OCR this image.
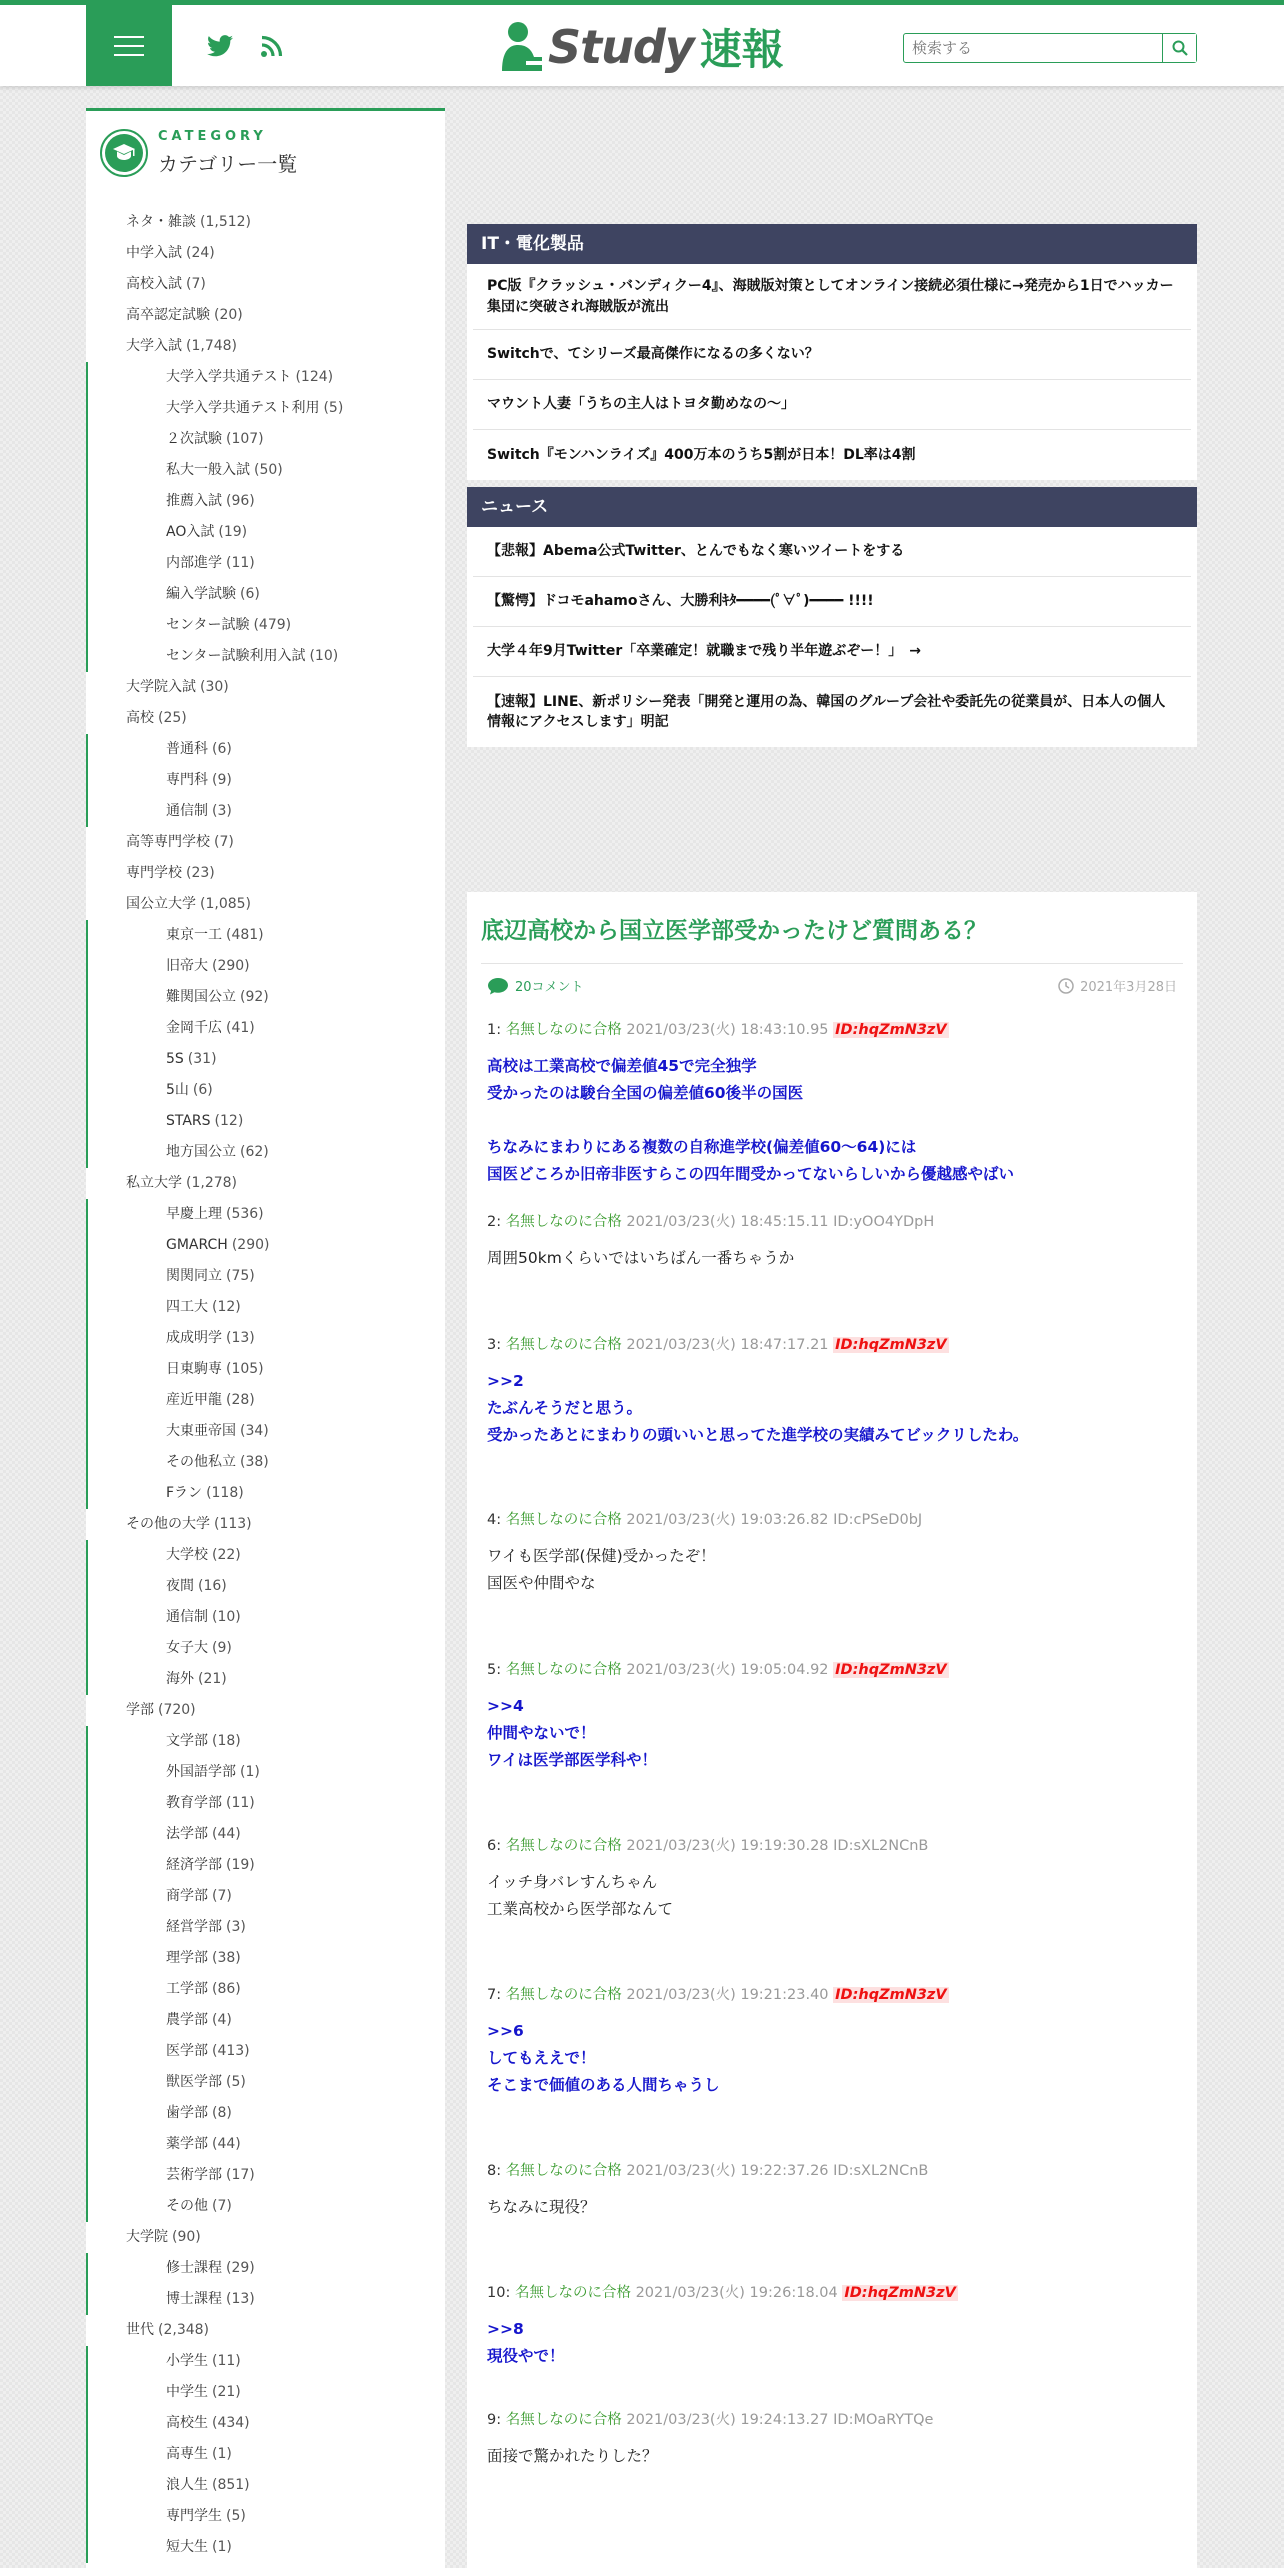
Study 速報
検索する
CATEGORY
カテゴリー一覧
ネタ・雑談 (1,512)
中学入試 (24)
高校入試 (7)
高卒認定試験 (20)
大学入試 (1,748)
大学入学共通テスト (124)
大学入学共通テスト利用 (5)
２次試験 (107)
私大一般入試 (50)
推薦入試 (96)
AO入試 (19)
内部進学 (11)
編入学試験 (6)
センター試験 (479)
センター試験利用入試 (10)
大学院入試 (30)
高校 (25)
普通科 (6)
専門科 (9)
通信制 (3)
高等専門学校 (7)
専門学校 (23)
国公立大学 (1,085)
東京一工 (481)
旧帝大 (290)
難関国公立 (92)
金岡千広 (41)
5S (31)
5山 (6)
STARS (12)
地方国公立 (62)
私立大学 (1,278)
早慶上理 (536)
GMARCH (290)
関関同立 (75)
四工大 (12)
成成明学 (13)
日東駒専 (105)
産近甲龍 (28)
大東亜帝国 (34)
その他私立 (38)
Fラン (118)
その他の大学 (113)
大学校 (22)
夜間 (16)
通信制 (10)
女子大 (9)
海外 (21)
学部 (720)
文学部 (18)
外国語学部 (1)
教育学部 (11)
法学部 (44)
経済学部 (19)
商学部 (7)
経営学部 (3)
理学部 (38)
工学部 (86)
農学部 (4)
医学部 (413)
獣医学部 (5)
歯学部 (8)
薬学部 (44)
芸術学部 (17)
その他 (7)
大学院 (90)
修士課程 (29)
博士課程 (13)
世代 (2,348)
小学生 (11)
中学生 (21)
高校生 (434)
高専生 (1)
浪人生 (851)
専門学生 (5)
短大生 (1)
IT・電化製品
PC版『クラッシュ・バンディクー4』、海賊版対策としてオンライン接続必須仕様に→発売から1日でハッカー集団に突破され海賊版が流出
Switchで、てシリーズ最高傑作になるの多くない？
マウント人妻「うちの主人はトヨタ勤めなの～」
Switch『モンハンライズ』400万本のうち5割が日本！DL率は4割
ニュース
【悲報】Abema公式Twitter、とんでもなく寒いツイートをする
【驚愕】ドコモahamoさん、大勝利ｷﾀ━━━━(ﾟ∀ﾟ)━━━━ !!!!
大学４年9月Twitter「卒業確定！就職まで残り半年遊ぶぞー！」　→
【速報】LINE、新ポリシー発表「開発と運用の為、韓国のグループ会社や委託先の従業員が、日本人の個人情報にアクセスします」明記
底辺高校から国立医学部受かったけど質問ある？
20コメント	2021年3月28日
1: 名無しなのに合格 2021/03/23(火) 18:43:10.95 ID:hqZmN3zV

高校は工業高校で偏差値45で完全独学

受かったのは駿台全国の偏差値60後半の国医

ちなみにまわりにある複数の自称進学校(偏差値60～64)には

国医どころか旧帝非医すらこの四年間受かってないらしいから優越感やばい

2: 名無しなのに合格 2021/03/23(火) 18:45:15.11 ID:yOO4YDpH

周囲50kmくらいではいちばん一番ちゃうか

3: 名無しなのに合格 2021/03/23(火) 18:47:17.21 ID:hqZmN3zV

>>2

たぶんそうだと思う。

受かったあとにまわりの頭いいと思ってた進学校の実績みてビックリしたわ。

4: 名無しなのに合格 2021/03/23(火) 19:03:26.82 ID:cPSeD0bJ

ワイも医学部(保健)受かったぞ！

国医や仲間やな

5: 名無しなのに合格 2021/03/23(火) 19:05:04.92 ID:hqZmN3zV

>>4

仲間やないで！

ワイは医学部医学科や！

6: 名無しなのに合格 2021/03/23(火) 19:19:30.28 ID:sXL2NCnB

イッチ身バレすんちゃん

工業高校から医学部なんて

7: 名無しなのに合格 2021/03/23(火) 19:21:23.40 ID:hqZmN3zV

>>6

してもええで！

そこまで価値のある人間ちゃうし

8: 名無しなのに合格 2021/03/23(火) 19:22:37.26 ID:sXL2NCnB

ちなみに現役？

10: 名無しなのに合格 2021/03/23(火) 19:26:18.04 ID:hqZmN3zV

>>8

現役やで！

9: 名無しなのに合格 2021/03/23(火) 19:24:13.27 ID:MOaRYTQe

面接で驚かれたりした？
